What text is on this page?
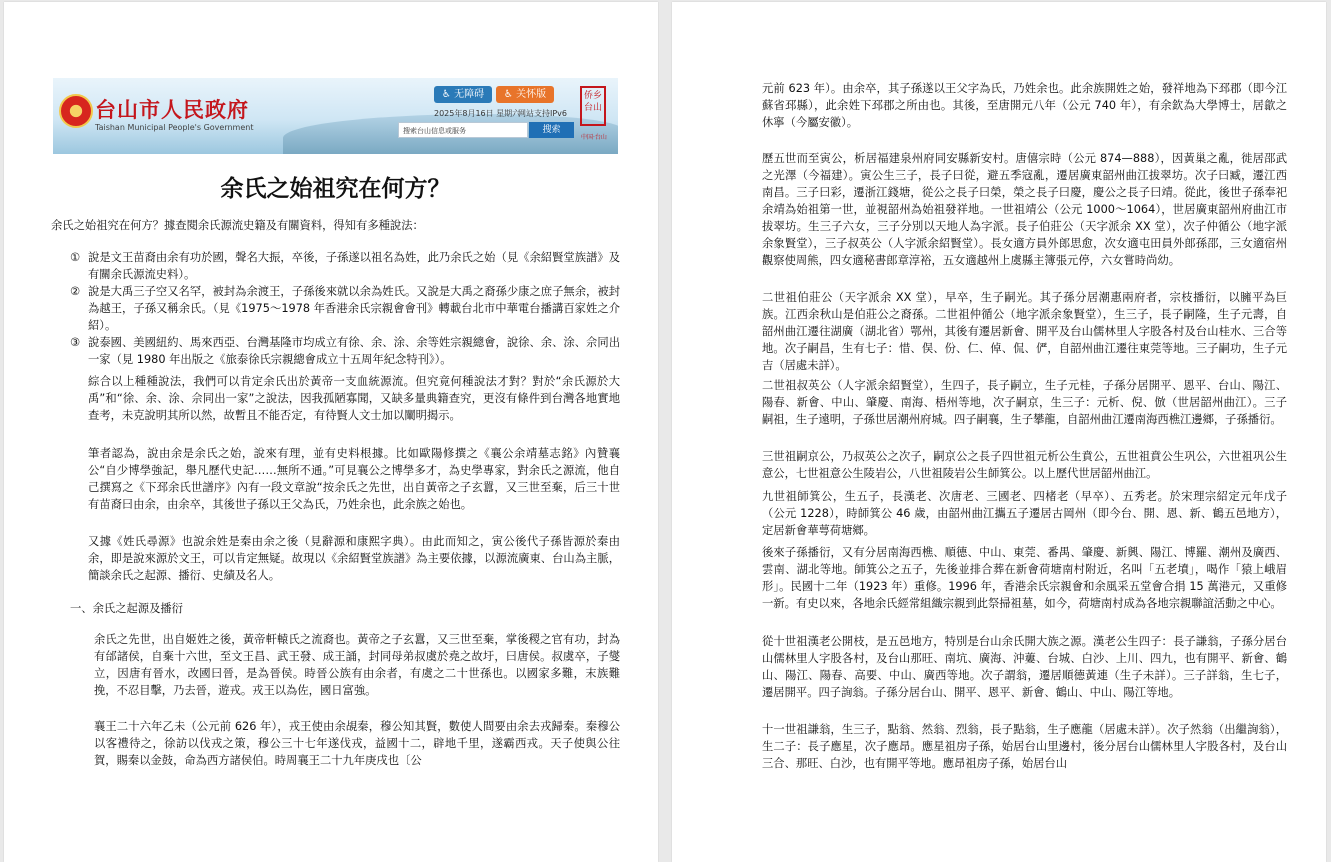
台山市人民政府
Taishan Municipal People's Government
♿ 无障碍	♿ 关怀版
2025年8月16日 星期六
网站支持IPv6
搜索台山信息或服务	搜索
侨乡台山
中国·台山
余氏之始祖究在何方？

余氏之始祖究在何方？據查閱余氏源流史籍及有關資料，得知有多種說法：

① 說是文王苗裔由余有功於國，聲名大振，卒後，子孫遂以祖名為姓，此乃余氏之始（見《余紹賢堂族譜》及有關余氏源流史料）。
② 說是大禹三子空又名罕，被封為余渡王，子孫後來就以余為姓氏。又說是大禹之裔孫少康之庶子無余，被封為越王，子孫又稱余氏。（見《1975～1978 年香港余氏宗親會會刊》轉載台北市中華電台播講百家姓之介紹）。
③ 說泰國、美國紐約、馬來西亞、台灣基隆市均成立有徐、余、涂、余等姓宗親總會，說徐、余、涂、佘同出一家（見 1980 年出版之《旅泰徐氏宗親總會成立十五周年紀念特刊》）。

綜合以上種種說法，我們可以肯定余氏出於黃帝一支血統源流。但究竟何種說法才對？對於“余氏源於大禹”和“徐、余、涂、佘同出一家”之說法，因我孤陋寡聞，又缺多量典籍查究，更沒有條件到台灣各地實地查考，未克說明其所以然，故暫且不能否定，有待賢人文士加以闡明揭示。

筆者認為，說由余是余氏之始，說來有理，並有史料根據。比如歐陽修撰之《襄公余靖墓志銘》內贊襄公“自少博學強記，舉凡歷代史記……無所不通。”可見襄公之博學多才，為史學專家，對余氏之源流，他自己撰寫之《下邳余氏世譜序》內有一段文章說“按余氏之先世，出自黃帝之子玄囂，又三世至棄，后三十世有苗裔曰由余，由余卒，其後世子孫以王父為氏，乃姓余也，此余族之始也。

又據《姓氏尋源》也說余姓是秦由余之後（見辭源和康熙字典）。由此而知之，寅公後代子孫皆源於秦由余，即是說來源於文王，可以肯定無疑。故現以《余紹賢堂族譜》為主要依據，以源流廣東、台山為主脈，簡談余氏之起源、播衍、史績及名人。

一、余氏之起源及播衍

余氏之先世，出自姬姓之後，黃帝軒轅氏之流裔也。黃帝之子玄囂，又三世至棄，掌後稷之官有功，封為有邰諸侯，自棄十六世，至文王昌、武王發、成王誦，封同母弟叔虞於堯之故圩，曰唐侯。叔虞卒，子燮立，因唐有晉水，改國曰晉，是為晉侯。時晉公族有由余者，有虞之二十世孫也。以國家多難，末族難挽，不忍目擊，乃去晉，遊戎。戎王以為佐，國日富強。

襄王二十六年乙未（公元前 626 年），戎王使由余覘秦，穆公知其賢，數使人間要由余去戎歸秦。秦穆公以客禮待之，徐訪以伐戎之策，穆公三十七年遂伐戎，益國十二，辟地千里，遂霸西戎。天子使與公往賀，賜秦以金鼓，命為西方諸侯伯。時周襄王二十九年庚戌也〔公

元前 623 年）。由余卒，其子孫遂以王父字為氏，乃姓余也。此余族開姓之始，發祥地為下邳郡（即今江蘇省邳縣），此余姓下邳郡之所由也。其後，至唐開元八年（公元 740 年），有余欽為大學博士，居歙之休寧（今屬安徽）。

歷五世而至寅公，析居福建泉州府同安縣新安村。唐僖宗時（公元 874—888），因黃巢之亂，徙居邵武之光澤（今福建）。寅公生三子，長子曰從，避五季寇亂，遷居廣東韶州曲江拔翠坊。次子曰臧，遷江西南昌。三子曰彩，遷浙江錢塘，從公之長子曰榮，榮之長子曰慶，慶公之長子曰靖。從此，後世子孫奉祀余靖為始祖第一世，並視韶州為始祖發祥地。一世祖靖公（公元 1000～1064），世居廣東韶州府曲江市拔翠坊。生三子六女，三子分別以天地人為字派。長子伯莊公（天字派余 XX 堂），次子仲循公（地字派余象賢堂），三子叔英公（人字派余紹賢堂）。長女適方員外郎思愈，次女適屯田員外郎孫邵，三女適宿州觀察使周熊，四女適秘書郎章淳裕，五女適越州上虞縣主簿張元停，六女嘗時尚幼。

二世祖伯莊公（天字派余 XX 堂），早卒，生子嗣光。其子孫分居潮惠兩府者，宗枝播衍，以臃平為巨族。江西余秋山是伯莊公之裔孫。二世祖仲循公（地字派余象賢堂），生三子，長子嗣隆，生子元壽，自韶州曲江遷往湖廣（湖北省）鄂州，其後有遷居新會、開平及台山儒林里人字股各村及台山桂水、三合等地。次子嗣昌，生有七子：惜、俣、份、仁、倬、侃、俨，自韶州曲江遷往東莞等地。三子嗣功，生子元吉（居處未詳）。

二世祖叔英公（人字派余紹賢堂），生四子，長子嗣立，生子元桂，子孫分居開平、恩平、台山、陽江、陽春、新會、中山、肇慶、南海、梧州等地，次子嗣京，生三子：元析、倪、倣（世居韶州曲江）。三子嗣祖，生子遠明，子孫世居潮州府城。四子嗣襄，生子攀龍，自韶州曲江遷南海西樵江邊鄉，子孫播衍。

三世祖嗣京公，乃叔英公之次子，嗣京公之長子四世祖元析公生賁公，五世祖賁公生巩公，六世祖巩公生意公，七世祖意公生陵岩公，八世祖陵岩公生師箕公。以上歷代世居韶州曲江。

九世祖師箕公，生五子，長漢老、次唐老、三國老、四楮老（早卒）、五秀老。於宋理宗紹定元年戊子（公元 1228），時師箕公 46 歲，由韶州曲江攜五子遷居古岡州（即今台、開、恩、新、鶴五邑地方），定居新會華萼荷塘鄉。

後來子孫播衍，又有分居南海西樵、順德、中山、東莞、番禺、肇慶、新興、陽江、博羅、潮州及廣西、雲南、湖北等地。師箕公之五子，先後並排合葬在新會荷塘南村附近，名叫「五老墳」，喝作「猿上峨眉形」。民國十二年（1923 年）重修。1996 年，香港余氏宗親會和余風采五堂會合捐 15 萬港元，又重修一新。有史以來，各地余氏經常組織宗親到此祭掃祖墓，如今，荷塘南村成為各地宗親聯誼活動之中心。

從十世祖漢老公開枝，是五邑地方，特別是台山余氏開大族之源。漢老公生四子：長子謙翁，子孫分居台山儒林里人字股各村，及台山那旺、南坑、廣海、沖蔞、台城、白沙、上川、四九，也有開平、新會、鶴山、陽江、陽春、高要、中山、廣西等地。次子謂翁，遷居順德黃連（生子未詳）。三子詳翁，生七子，遷居開平。四子詢翁。子孫分居台山、開平、恩平、新會、鶴山、中山、陽江等地。

十一世祖謙翁，生三子，點翁、然翁、烈翁，長子點翁，生子應龍（居處未詳）。次子然翁（出繼詢翁），生二子：長子應星，次子應昂。應星祖房子孫，始居台山里邊村，後分居台山儒林里人字股各村，及台山三合、那旺、白沙，也有開平等地。應昂祖房子孫，始居台山
